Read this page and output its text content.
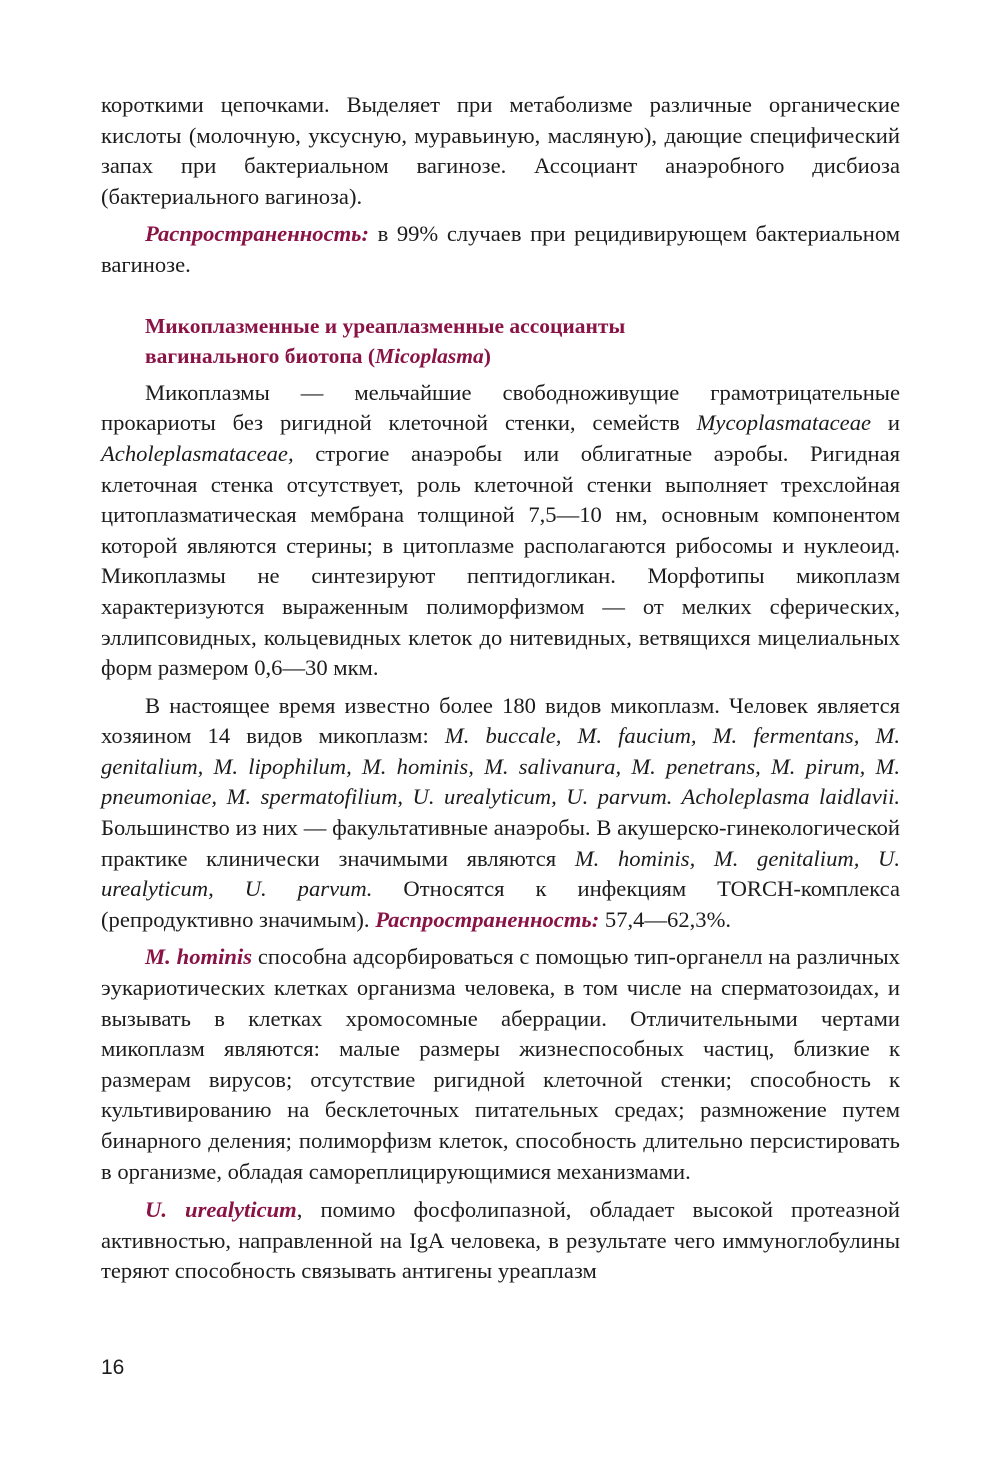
короткими цепочками. Выделяет при метаболизме различные органические кислоты (молочную, уксусную, муравьиную, масляную), дающие специфический запах при бактериальном вагинозе. Ассоциант анаэробного дисбиоза (бактериального вагиноза).

Распространенность: в 99% случаев при рецидивирующем бактериальном вагинозе.

Микоплазменные и уреаплазменные ассоцианты
вагинального биотопа (Micoplasma)

Микоплазмы — мельчайшие свободноживущие грамотрицательные прокариоты без ригидной клеточной стенки, семейств Mycoplasmataceae и Acholeplasmataceae, строгие анаэробы или облигатные аэробы. Ригидная клеточная стенка отсутствует, роль клеточной стенки выполняет трехслойная цитоплазматическая мембрана толщиной 7,5—10 нм, основным компонентом которой являются стерины; в цитоплазме располагаются рибосомы и нуклеоид. Микоплазмы не синтезируют пептидогликан. Морфотипы микоплазм характеризуются выраженным полиморфизмом — от мелких сферических, эллипсовидных, кольцевидных клеток до нитевидных, ветвящихся мицелиальных форм размером 0,6—30 мкм.

В настоящее время известно более 180 видов микоплазм. Человек является хозяином 14 видов микоплазм: M. buccale, M. faucium, M. fermentans, M. genitalium, M. lipophilum, M. hominis, M. salivanura, M. penetrans, M. pirum, M. pneumoniae, M. spermatofilium, U. urealyticum, U. parvum. Acholeplasma laidlavii. Большинство из них — факультативные анаэробы. В акушерско-гинекологической практике клинически значимыми являются M. hominis, M. genitalium, U. urealyticum, U. parvum. Относятся к инфекциям TORCH-комплекса (репродуктивно значимым). Распространенность: 57,4—62,3%.

M. hominis способна адсорбироваться с помощью тип-органелл на различных эукариотических клетках организма человека, в том числе на сперматозоидах, и вызывать в клетках хромосомные аберрации. Отличительными чертами микоплазм являются: малые размеры жизнеспособных частиц, близкие к размерам вирусов; отсутствие ригидной клеточной стенки; способность к культивированию на бесклеточных питательных средах; размножение путем бинарного деления; полиморфизм клеток, способность длительно персистировать в организме, обладая самореплицирующимися механизмами.

U. urealyticum, помимо фосфолипазной, обладает высокой протеазной активностью, направленной на IgA человека, в результате чего иммуноглобулины теряют способность связывать антигены уреаплазм

16
